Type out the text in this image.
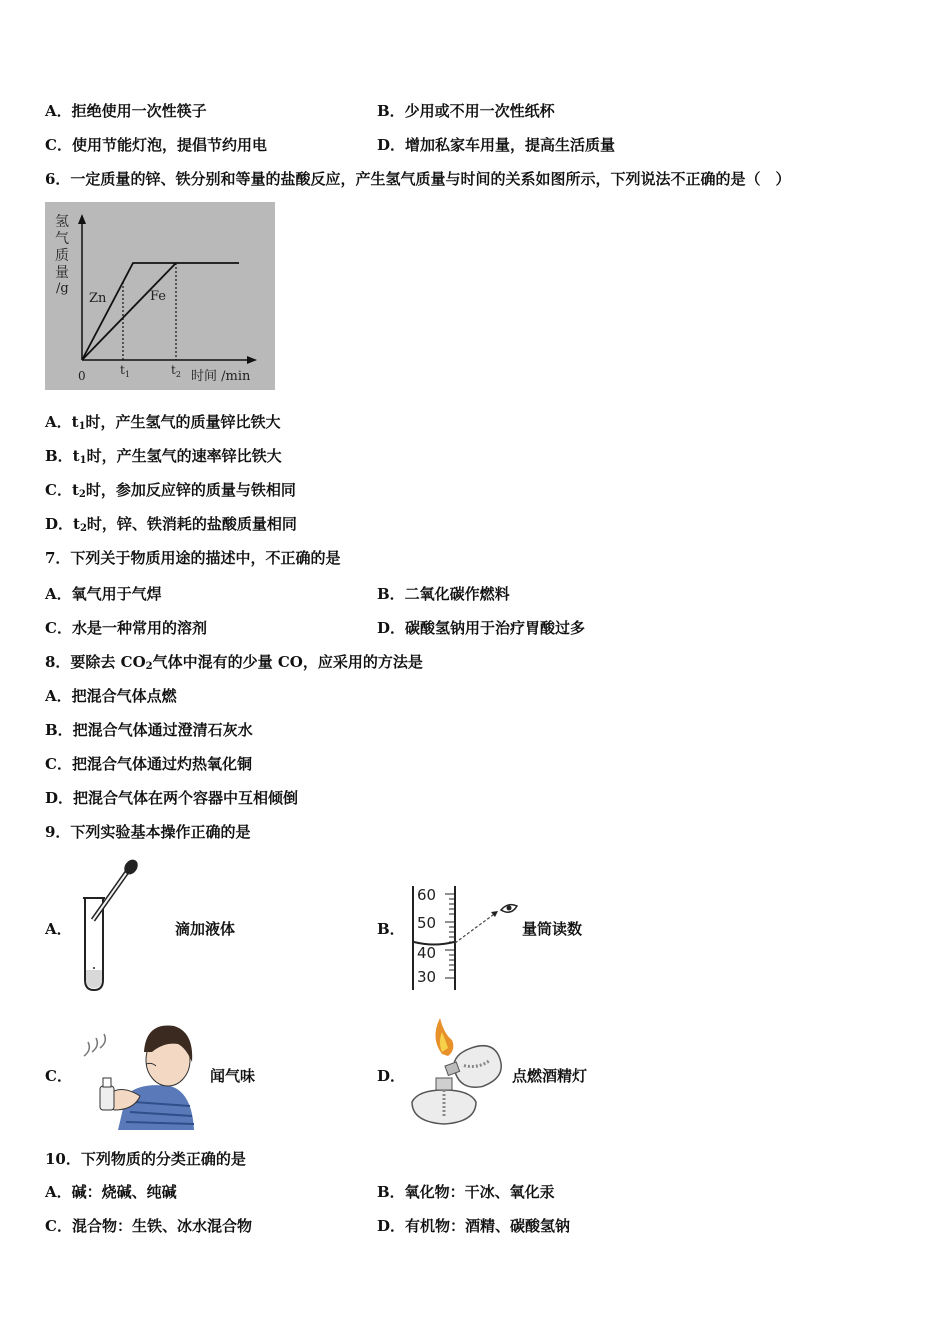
A．拒绝使用一次性筷子	B．少用或不用一次性纸杯
C．使用节能灯泡，提倡节约用电	D．增加私家车用量，提高生活质量
6．一定质量的锌、铁分别和等量的盐酸反应，产生氢气质量与时间的关系如图所示，下列说法不正确的是（　）
氢
气
质
量
/g
Zn	Fe
0	$t_1$	$t_2$ 时间 /min
A．$t_1$时，产生氢气的质量锌比铁大
B．$t_1$时，产生氢气的速率锌比铁大
C．$t_2$时，参加反应锌的质量与铁相同
D．$t_2$时，锌、铁消耗的盐酸质量相同
7．下列关于物质用途的描述中，不正确的是
A．氧气用于气焊	B．二氧化碳作燃料
C．水是一种常用的溶剂	D．碳酸氢钠用于治疗胃酸过多
8．要除去 $CO_2$气体中混有的少量 CO，应采用的方法是
A．把混合气体点燃
B．把混合气体通过澄清石灰水
C．把混合气体通过灼热氧化铜
D．把混合气体在两个容器中互相倾倒
9．下列实验基本操作正确的是
A．	滴加液体	B．
60
50
40
30
量筒读数
C．	闻气味	D．	点燃酒精灯
10．下列物质的分类正确的是
A．碱：烧碱、纯碱	B．氧化物：干冰、氧化汞
C．混合物：生铁、冰水混合物	D．有机物：酒精、碳酸氢钠
